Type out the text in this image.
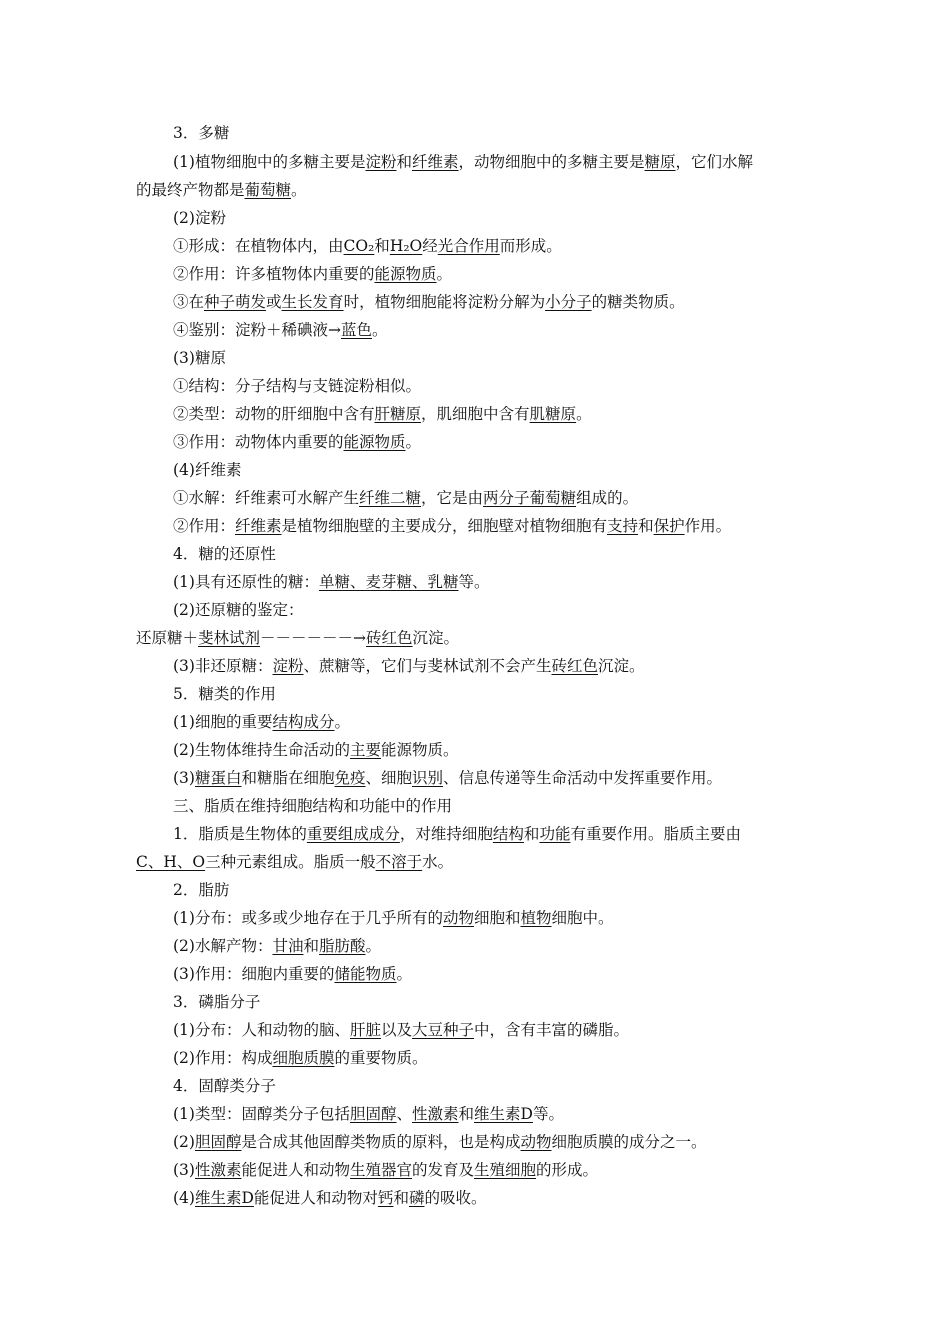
3．多糖
(1)植物细胞中的多糖主要是淀粉和纤维素，动物细胞中的多糖主要是糖原，它们水解
的最终产物都是葡萄糖。
(2)淀粉
①形成：在植物体内，由CO₂和H₂O经光合作用而形成。
②作用：许多植物体内重要的能源物质。
③在种子萌发或生长发育时，植物细胞能将淀粉分解为小分子的糖类物质。
④鉴别：淀粉＋稀碘液→蓝色。
(3)糖原
①结构：分子结构与支链淀粉相似。
②类型：动物的肝细胞中含有肝糖原，肌细胞中含有肌糖原。
③作用：动物体内重要的能源物质。
(4)纤维素
①水解：纤维素可水解产生纤维二糖，它是由两分子葡萄糖组成的。
②作用：纤维素是植物细胞壁的主要成分，细胞壁对植物细胞有支持和保护作用。
4．糖的还原性
(1)具有还原性的糖：单糖、麦芽糖、乳糖等。
(2)还原糖的鉴定：
还原糖＋斐林试剂－－－－－－→砖红色沉淀。
(3)非还原糖：淀粉、蔗糖等，它们与斐林试剂不会产生砖红色沉淀。
5．糖类的作用
(1)细胞的重要结构成分。
(2)生物体维持生命活动的主要能源物质。
(3)糖蛋白和糖脂在细胞免疫、细胞识别、信息传递等生命活动中发挥重要作用。
三、脂质在维持细胞结构和功能中的作用
1．脂质是生物体的重要组成成分，对维持细胞结构和功能有重要作用。脂质主要由
C、H、O三种元素组成。脂质一般不溶于水。
2．脂肪
(1)分布：或多或少地存在于几乎所有的动物细胞和植物细胞中。
(2)水解产物：甘油和脂肪酸。
(3)作用：细胞内重要的储能物质。
3．磷脂分子
(1)分布：人和动物的脑、肝脏以及大豆种子中，含有丰富的磷脂。
(2)作用：构成细胞质膜的重要物质。
4．固醇类分子
(1)类型：固醇类分子包括胆固醇、性激素和维生素D等。
(2)胆固醇是合成其他固醇类物质的原料，也是构成动物细胞质膜的成分之一。
(3)性激素能促进人和动物生殖器官的发育及生殖细胞的形成。
(4)维生素D能促进人和动物对钙和磷的吸收。
